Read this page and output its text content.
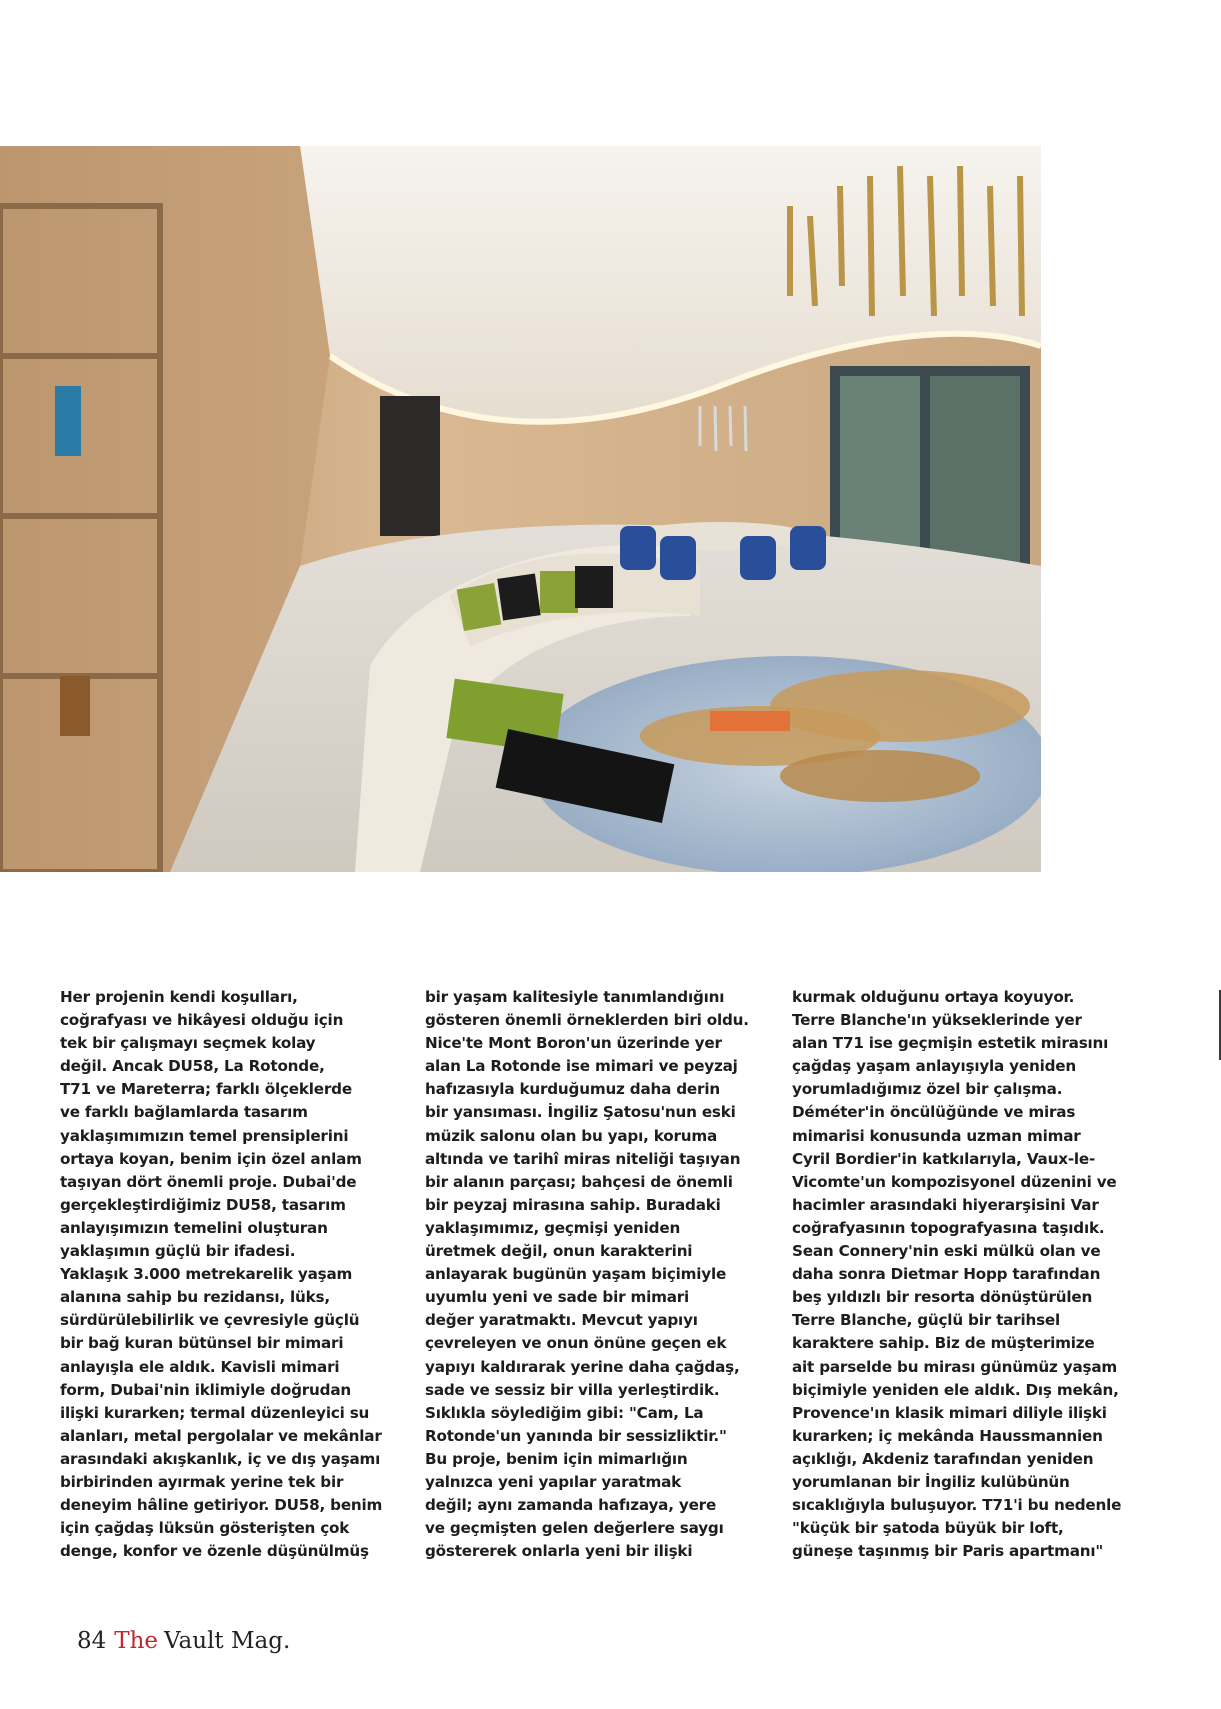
Her projenin kendi koşulları,
coğrafyası ve hikâyesi olduğu için
tek bir çalışmayı seçmek kolay
değil. Ancak DU58, La Rotonde,
T71 ve Mareterra; farklı ölçeklerde
ve farklı bağlamlarda tasarım
yaklaşımımızın temel prensiplerini
ortaya koyan, benim için özel anlam
taşıyan dört önemli proje. Dubai'de
gerçekleştirdiğimiz DU58, tasarım
anlayışımızın temelini oluşturan
yaklaşımın güçlü bir ifadesi.
Yaklaşık 3.000 metrekarelik yaşam
alanına sahip bu rezidansı, lüks,
sürdürülebilirlik ve çevresiyle güçlü
bir bağ kuran bütünsel bir mimari
anlayışla ele aldık. Kavisli mimari
form, Dubai'nin iklimiyle doğrudan
ilişki kurarken; termal düzenleyici su
alanları, metal pergolalar ve mekânlar
arasındaki akışkanlık, iç ve dış yaşamı
birbirinden ayırmak yerine tek bir
deneyim hâline getiriyor. DU58, benim
için çağdaş lüksün gösterişten çok
denge, konfor ve özenle düşünülmüş
bir yaşam kalitesiyle tanımlandığını
gösteren önemli örneklerden biri oldu.
Nice'te Mont Boron'un üzerinde yer
alan La Rotonde ise mimari ve peyzaj
hafızasıyla kurduğumuz daha derin
bir yansıması. İngiliz Şatosu'nun eski
müzik salonu olan bu yapı, koruma
altında ve tarihî miras niteliği taşıyan
bir alanın parçası; bahçesi de önemli
bir peyzaj mirasına sahip. Buradaki
yaklaşımımız, geçmişi yeniden
üretmek değil, onun karakterini
anlayarak bugünün yaşam biçimiyle
uyumlu yeni ve sade bir mimari
değer yaratmaktı. Mevcut yapıyı
çevreleyen ve onun önüne geçen ek
yapıyı kaldırarak yerine daha çağdaş,
sade ve sessiz bir villa yerleştirdik.
Sıklıkla söylediğim gibi: "Cam, La
Rotonde'un yanında bir sessizliktir."
Bu proje, benim için mimarlığın
yalnızca yeni yapılar yaratmak
değil; aynı zamanda hafızaya, yere
ve geçmişten gelen değerlere saygı
göstererek onlarla yeni bir ilişki
kurmak olduğunu ortaya koyuyor.
Terre Blanche'ın yükseklerinde yer
alan T71 ise geçmişin estetik mirasını
çağdaş yaşam anlayışıyla yeniden
yorumladığımız özel bir çalışma.
Déméter'in öncülüğünde ve miras
mimarisi konusunda uzman mimar
Cyril Bordier'in katkılarıyla, Vaux-le-
Vicomte'un kompozisyonel düzenini ve
hacimler arasındaki hiyerarşisini Var
coğrafyasının topografyasına taşıdık.
Sean Connery'nin eski mülkü olan ve
daha sonra Dietmar Hopp tarafından
beş yıldızlı bir resorta dönüştürülen
Terre Blanche, güçlü bir tarihsel
karaktere sahip. Biz de müşterimize
ait parselde bu mirası günümüz yaşam
biçimiyle yeniden ele aldık. Dış mekân,
Provence'ın klasik mimari diliyle ilişki
kurarken; iç mekânda Haussmannien
açıklığı, Akdeniz tarafından yeniden
yorumlanan bir İngiliz kulübünün
sıcaklığıyla buluşuyor. T71'i bu nedenle
"küçük bir şatoda büyük bir loft,
güneşe taşınmış bir Paris apartmanı"
84 The Vault Mag.
